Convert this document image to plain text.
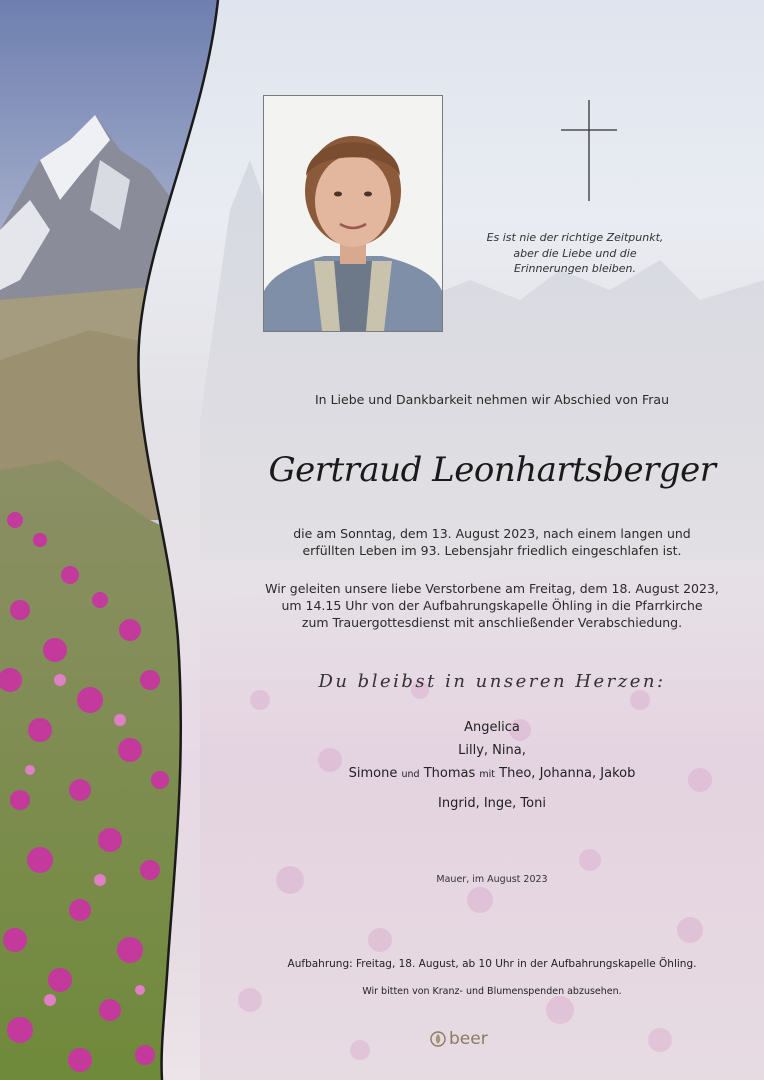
Es ist nie der richtige Zeitpunkt,
aber die Liebe und die
Erinnerungen bleiben.
In Liebe und Dankbarkeit nehmen wir Abschied von Frau
Gertraud Leonhartsberger
die am Sonntag, dem 13. August 2023, nach einem langen und
erfüllten Leben im 93. Lebensjahr friedlich eingeschlafen ist.
Wir geleiten unsere liebe Verstorbene am Freitag, dem 18. August 2023,
um 14.15 Uhr von der Aufbahrungskapelle Öhling in die Pfarrkirche
zum Trauergottesdienst mit anschließender Verabschiedung.
Du bleibst in unseren Herzen:
Angelica
Lilly, Nina,
Simone und Thomas mit Theo, Johanna, Jakob
Ingrid, Inge, Toni
Mauer, im August 2023
Aufbahrung: Freitag, 18. August, ab 10 Uhr in der Aufbahrungskapelle Öhling.
Wir bitten von Kranz- und Blumenspenden abzusehen.
beer
